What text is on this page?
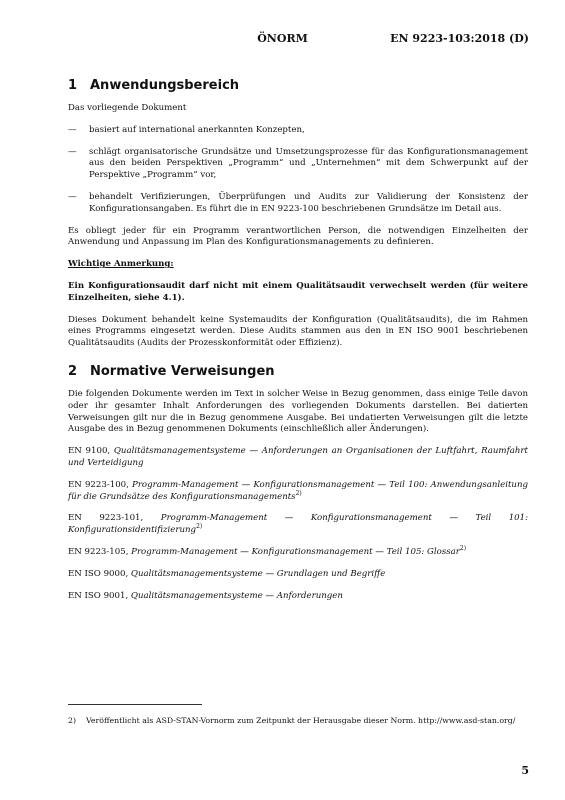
ÖNORM	EN 9223-103:2018 (D)
1 Anwendungsbereich

Das vorliegende Dokument

— basiert auf international anerkannten Konzepten,
— schlägt organisatorische Grundsätze und Umsetzungsprozesse für das Konfigurationsmanagement aus den beiden Perspektiven „Programm“ und „Unternehmen“ mit dem Schwerpunkt auf der Perspektive „Programm“ vor,
— behandelt Verifizierungen, Überprüfungen und Audits zur Validierung der Konsistenz der Konfigurationsangaben. Es führt die in EN 9223-100 beschriebenen Grundsätze im Detail aus.

Es obliegt jeder für ein Programm verantwortlichen Person, die notwendigen Einzelheiten der Anwendung und Anpassung im Plan des Konfigurationsmanagements zu definieren.

Wichtige Anmerkung:

Ein Konfigurationsaudit darf nicht mit einem Qualitätsaudit verwechselt werden (für weitere Einzelheiten, siehe 4.1).

Dieses Dokument behandelt keine Systemaudits der Konfiguration (Qualitätsaudits), die im Rahmen eines Programms eingesetzt werden. Diese Audits stammen aus den in EN ISO 9001 beschriebenen Qualitätsaudits (Audits der Prozesskonformität oder Effizienz).

2 Normative Verweisungen

Die folgenden Dokumente werden im Text in solcher Weise in Bezug genommen, dass einige Teile davon oder ihr gesamter Inhalt Anforderungen des vorliegenden Dokuments darstellen. Bei datierten Verweisungen gilt nur die in Bezug genommene Ausgabe. Bei undatierten Verweisungen gilt die letzte Ausgabe des in Bezug genommenen Dokuments (einschließlich aller Änderungen).

EN 9100, Qualitätsmanagementsysteme — Anforderungen an Organisationen der Luftfahrt, Raumfahrt und Verteidigung
EN 9223-100, Programm-Management — Konfigurationsmanagement — Teil 100: Anwendungsanleitung für die Grundsätze des Konfigurationsmanagements$^{2)}$
EN 9223-101, Programm-Management — Konfigurationsmanagement — Teil 101: Konfigurationsidentifizierung$^{2)}$
EN 9223-105, Programm-Management — Konfigurationsmanagement — Teil 105: Glossar$^{2)}$
EN ISO 9000, Qualitätsmanagementsysteme — Grundlagen und Begriffe
EN ISO 9001, Qualitätsmanagementsysteme — Anforderungen
2) Veröffentlicht als ASD-STAN-Vornorm zum Zeitpunkt der Herausgabe dieser Norm. http://www.asd-stan.org/
5
